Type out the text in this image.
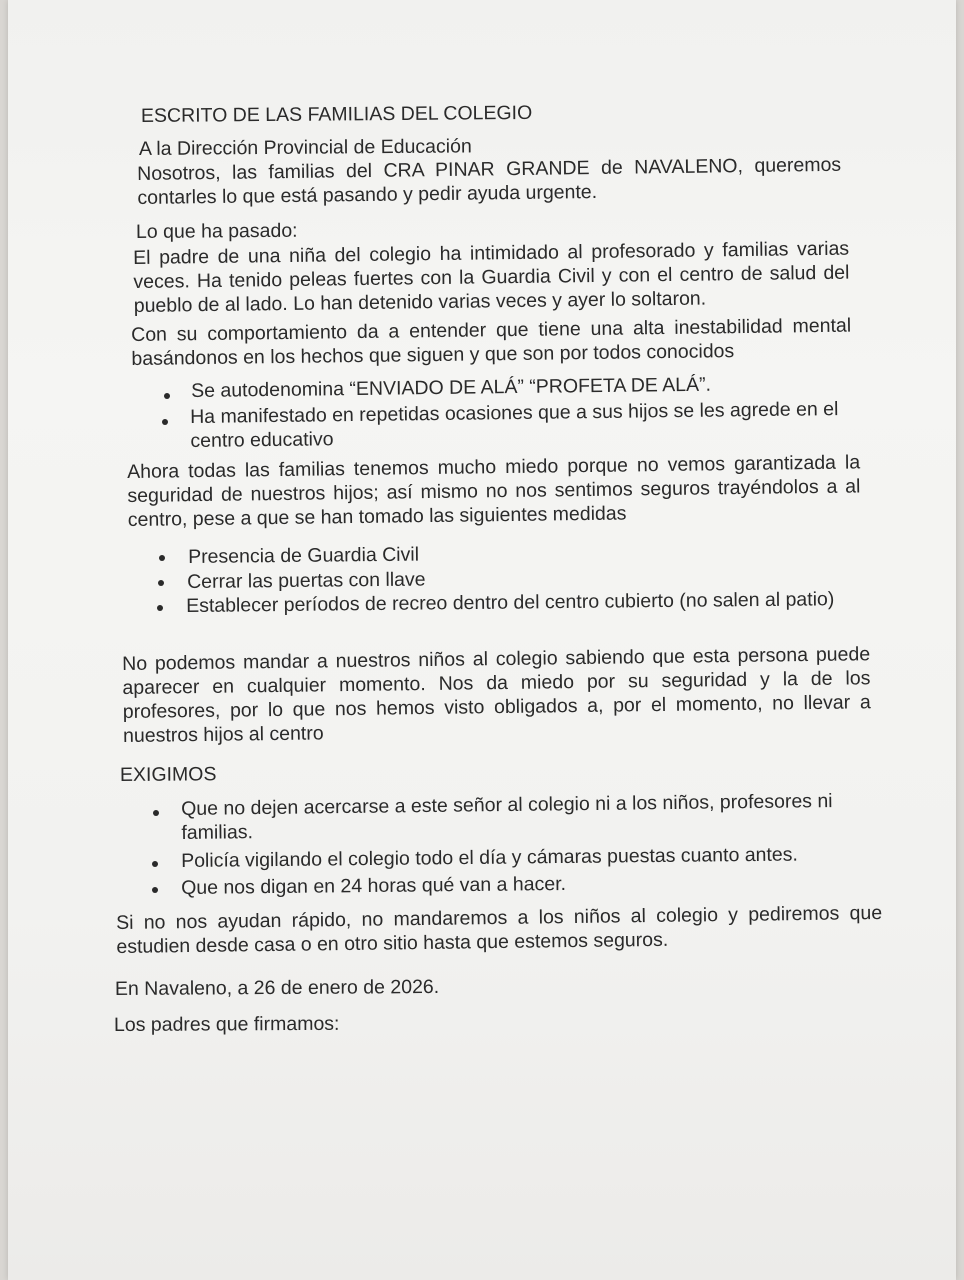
ESCRITO DE LAS FAMILIAS DEL COLEGIO
A la Dirección Provincial de Educación
Nosotros, las familias del CRA PINAR GRANDE de NAVALENO, queremos contarles lo que está pasando y pedir ayuda urgente.
Lo que ha pasado:
El padre de una niña del colegio ha intimidado al profesorado y familias varias veces. Ha tenido peleas fuertes con la Guardia Civil y con el centro de salud del pueblo de al lado. Lo han detenido varias veces y ayer lo soltaron.
Con su comportamiento da a entender que tiene una alta inestabilidad mental basándonos en los hechos que siguen y que son por todos conocidos
Se autodenomina “ENVIADO DE ALÁ” “PROFETA DE ALÁ”.
Ha manifestado en repetidas ocasiones que a sus hijos se les agrede en el centro educativo
Ahora todas las familias tenemos mucho miedo porque no vemos garantizada la seguridad de nuestros hijos; así mismo no nos sentimos seguros trayéndolos a al centro, pese a que se han tomado las siguientes medidas
Presencia de Guardia Civil
Cerrar las puertas con llave
Establecer períodos de recreo dentro del centro cubierto (no salen al patio)
No podemos mandar a nuestros niños al colegio sabiendo que esta persona puede aparecer en cualquier momento. Nos da miedo por su seguridad y la de los profesores, por lo que nos hemos visto obligados a, por el momento, no llevar a nuestros hijos al centro
EXIGIMOS
Que no dejen acercarse a este señor al colegio ni a los niños, profesores ni familias.
Policía vigilando el colegio todo el día y cámaras puestas cuanto antes.
Que nos digan en 24 horas qué van a hacer.
Si no nos ayudan rápido, no mandaremos a los niños al colegio y pediremos que estudien desde casa o en otro sitio hasta que estemos seguros.
En Navaleno, a 26 de enero de 2026.
Los padres que firmamos:
